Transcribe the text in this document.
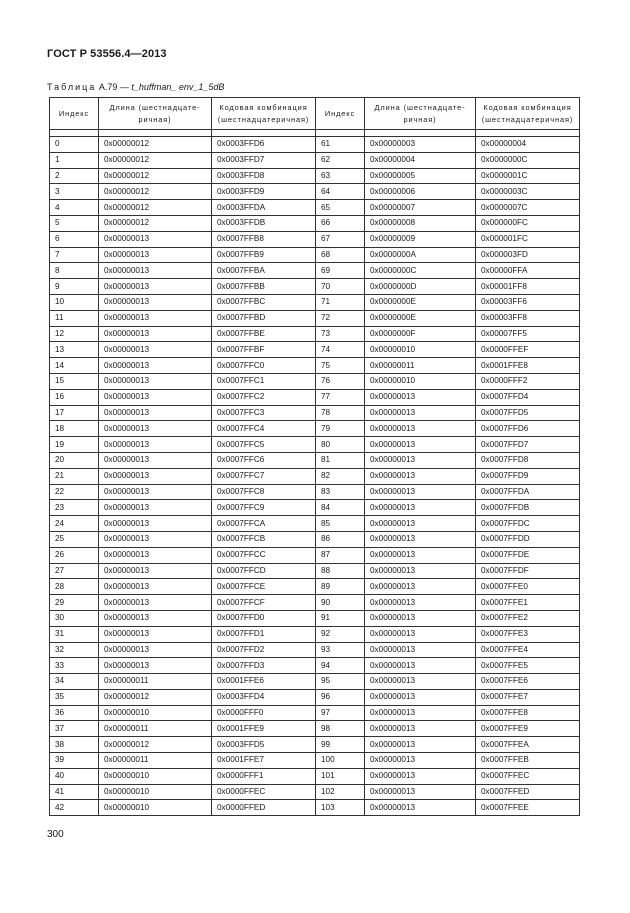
ГОСТ Р 53556.4—2013
Таблица А.79 — t_huffman_ env_1_5dB
Индекс	Длина (шестнадцате-ричная)	Кодовая комбинация (шестнадцатеричная)	Индекс	Длина (шестнадцате-ричная)	Кодовая комбинация (шестнадцатеричная)

0	0x00000012	0x0003FFD6	61	0x00000003	0x00000004
1	0x00000012	0x0003FFD7	62	0x00000004	0x0000000C
2	0x00000012	0x0003FFD8	63	0x00000005	0x0000001C
3	0x00000012	0x0003FFD9	64	0x00000006	0x0000003C
4	0x00000012	0x0003FFDA	65	0x00000007	0x0000007C
5	0x00000012	0x0003FFDB	66	0x00000008	0x000000FC
6	0x00000013	0x0007FFB8	67	0x00000009	0x000001FC
7	0x00000013	0x0007FFB9	68	0x0000000A	0x000003FD
8	0x00000013	0x0007FFBA	69	0x0000000C	0x00000FFA
9	0x00000013	0x0007FFBB	70	0x0000000D	0x00001FF8
10	0x00000013	0x0007FFBC	71	0x0000000E	0x00003FF6
11	0x00000013	0x0007FFBD	72	0x0000000E	0x00003FF8
12	0x00000013	0x0007FFBE	73	0x0000000F	0x00007FF5
13	0x00000013	0x0007FFBF	74	0x00000010	0x0000FFEF
14	0x00000013	0x0007FFC0	75	0x00000011	0x0001FFE8
15	0x00000013	0x0007FFC1	76	0x00000010	0x0000FFF2
16	0x00000013	0x0007FFC2	77	0x00000013	0x0007FFD4
17	0x00000013	0x0007FFC3	78	0x00000013	0x0007FFD5
18	0x00000013	0x0007FFC4	79	0x00000013	0x0007FFD6
19	0x00000013	0x0007FFC5	80	0x00000013	0x0007FFD7
20	0x00000013	0x0007FFC6	81	0x00000013	0x0007FFD8
21	0x00000013	0x0007FFC7	82	0x00000013	0x0007FFD9
22	0x00000013	0x0007FFC8	83	0x00000013	0x0007FFDA
23	0x00000013	0x0007FFC9	84	0x00000013	0x0007FFDB
24	0x00000013	0x0007FFCA	85	0x00000013	0x0007FFDC
25	0x00000013	0x0007FFCB	86	0x00000013	0x0007FFDD
26	0x00000013	0x0007FFCC	87	0x00000013	0x0007FFDE
27	0x00000013	0x0007FFCD	88	0x00000013	0x0007FFDF
28	0x00000013	0x0007FFCE	89	0x00000013	0x0007FFE0
29	0x00000013	0x0007FFCF	90	0x00000013	0x0007FFE1
30	0x00000013	0x0007FFD0	91	0x00000013	0x0007FFE2
31	0x00000013	0x0007FFD1	92	0x00000013	0x0007FFE3
32	0x00000013	0x0007FFD2	93	0x00000013	0x0007FFE4
33	0x00000013	0x0007FFD3	94	0x00000013	0x0007FFE5
34	0x00000011	0x0001FFE6	95	0x00000013	0x0007FFE6
35	0x00000012	0x0003FFD4	96	0x00000013	0x0007FFE7
36	0x00000010	0x0000FFF0	97	0x00000013	0x0007FFE8
37	0x00000011	0x0001FFE9	98	0x00000013	0x0007FFE9
38	0x00000012	0x0003FFD5	99	0x00000013	0x0007FFEA
39	0x00000011	0x0001FFE7	100	0x00000013	0x0007FFEB
40	0x00000010	0x0000FFF1	101	0x00000013	0x0007FFEC
41	0x00000010	0x0000FFEC	102	0x00000013	0x0007FFED
42	0x00000010	0x0000FFED	103	0x00000013	0x0007FFEE
300
